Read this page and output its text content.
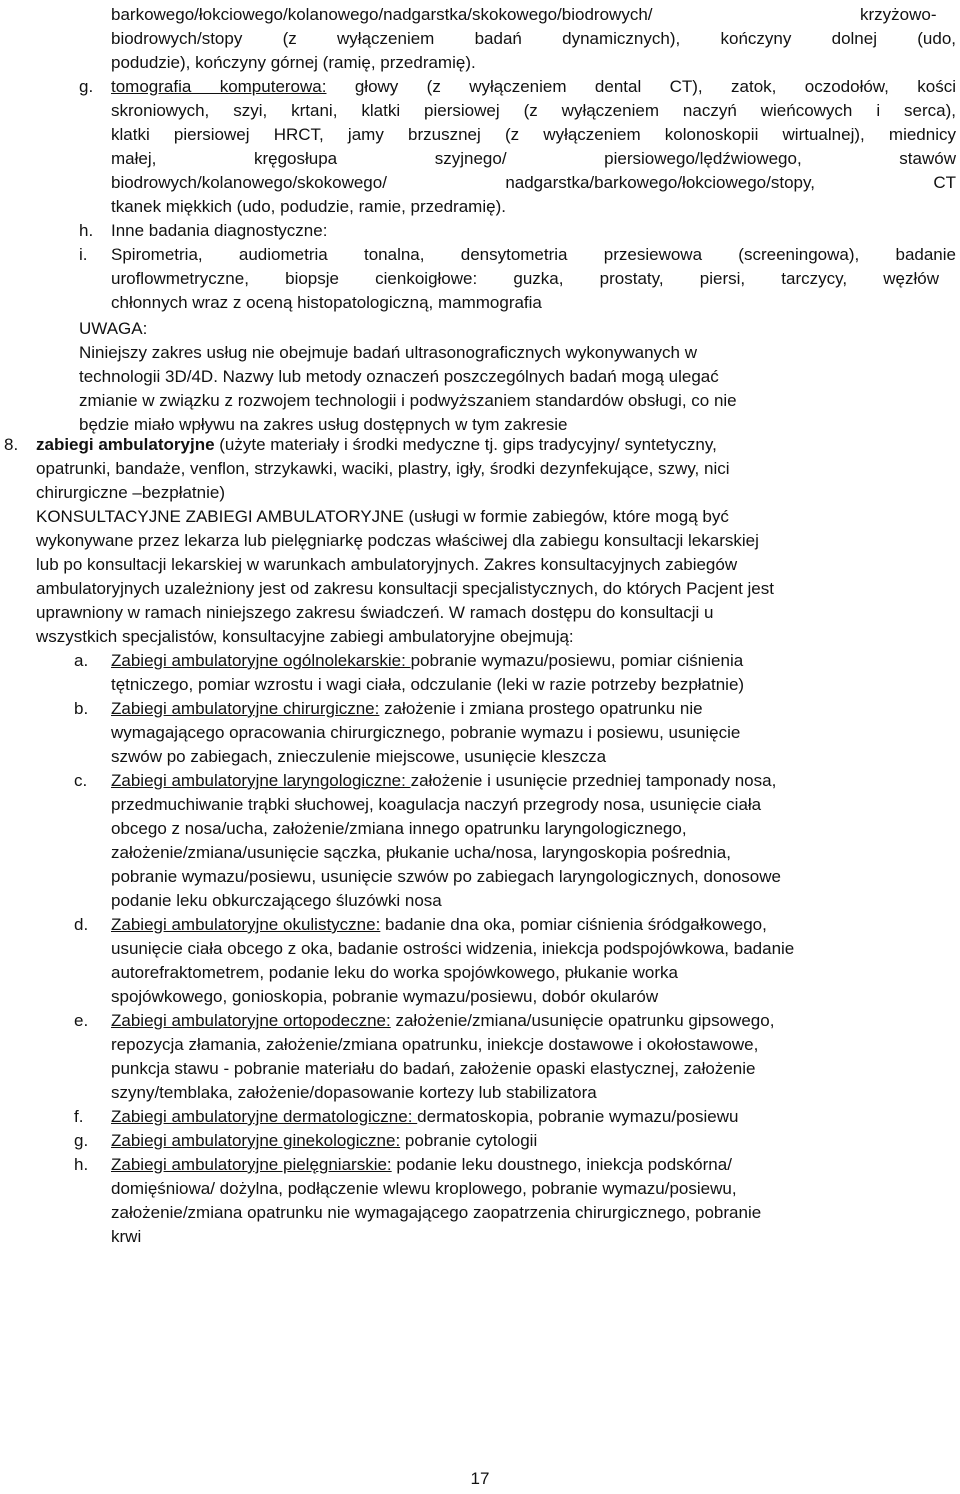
barkowego/łokciowego/kolanowego/nadgarstka/skokowego/biodrowych/	krzyżowo-
biodrowych/stopy (z wyłączeniem badań dynamicznych), kończyny dolnej (udo,
podudzie), kończyny górnej (ramię, przedramię).
g. tomografia komputerowa: głowy (z wyłączeniem dental CT), zatok, oczodołów, kości
skroniowych, szyi, krtani, klatki piersiowej (z wyłączeniem naczyń wieńcowych i serca),
klatki piersiowej HRCT, jamy brzusznej (z wyłączeniem kolonoskopii wirtualnej), miednicy
małej, kręgosłupa szyjnego/ piersiowego/lędźwiowego, stawów
biodrowych/kolanowego/skokowego/ nadgarstka/barkowego/łokciowego/stopy, CT
tkanek miękkich (udo, podudzie, ramie, przedramię).
h. Inne badania diagnostyczne:
i. Spirometria, audiometria tonalna, densytometria przesiewowa (screeningowa), badanie
uroflowmetryczne, biopsje cienkoigłowe: guzka, prostaty, piersi, tarczycy, węzłów
chłonnych wraz z oceną histopatologiczną, mammografia
UWAGA:
Niniejszy zakres usług nie obejmuje badań ultrasonograficznych wykonywanych w
technologii 3D/4D. Nazwy lub metody oznaczeń poszczególnych badań mogą ulegać
zmianie w związku z rozwojem technologii i podwyższaniem standardów obsługi, co nie
będzie miało wpływu na zakres usług dostępnych w tym zakresie
8. zabiegi ambulatoryjne (użyte materiały i środki medyczne tj. gips tradycyjny/ syntetyczny,
opatrunki, bandaże, venflon, strzykawki, waciki, plastry, igły, środki dezynfekujące, szwy, nici
chirurgiczne –bezpłatnie)
KONSULTACYJNE ZABIEGI AMBULATORYJNE (usługi w formie zabiegów, które mogą być
wykonywane przez lekarza lub pielęgniarkę podczas właściwej dla zabiegu konsultacji lekarskiej
lub po konsultacji lekarskiej w warunkach ambulatoryjnych. Zakres konsultacyjnych zabiegów
ambulatoryjnych uzależniony jest od zakresu konsultacji specjalistycznych, do których Pacjent jest
uprawniony w ramach niniejszego zakresu świadczeń. W ramach dostępu do konsultacji u
wszystkich specjalistów, konsultacyjne zabiegi ambulatoryjne obejmują:
a. Zabiegi ambulatoryjne ogólnolekarskie: pobranie wymazu/posiewu, pomiar ciśnienia
tętniczego, pomiar wzrostu i wagi ciała, odczulanie (leki w razie potrzeby bezpłatnie)
b. Zabiegi ambulatoryjne chirurgiczne: założenie i zmiana prostego opatrunku nie
wymagającego opracowania chirurgicznego, pobranie wymazu i posiewu, usunięcie
szwów po zabiegach, znieczulenie miejscowe, usunięcie kleszcza
c. Zabiegi ambulatoryjne laryngologiczne: założenie i usunięcie przedniej tamponady nosa,
przedmuchiwanie trąbki słuchowej, koagulacja naczyń przegrody nosa, usunięcie ciała
obcego z nosa/ucha, założenie/zmiana innego opatrunku laryngologicznego,
założenie/zmiana/usunięcie sączka, płukanie ucha/nosa, laryngoskopia pośrednia,
pobranie wymazu/posiewu, usunięcie szwów po zabiegach laryngologicznych, donosowe
podanie leku obkurczającego śluzówki nosa
d. Zabiegi ambulatoryjne okulistyczne: badanie dna oka, pomiar ciśnienia śródgałkowego,
usunięcie ciała obcego z oka, badanie ostrości widzenia, iniekcja podspojówkowa, badanie
autorefraktometrem, podanie leku do worka spojówkowego, płukanie worka
spojówkowego, gonioskopia, pobranie wymazu/posiewu, dobór okularów
e. Zabiegi ambulatoryjne ortopodeczne: założenie/zmiana/usunięcie opatrunku gipsowego,
repozycja złamania, założenie/zmiana opatrunku, iniekcje dostawowe i okołostawowe,
punkcja stawu - pobranie materiału do badań, założenie opaski elastycznej, założenie
szyny/temblaka, założenie/dopasowanie kortezy lub stabilizatora
f. Zabiegi ambulatoryjne dermatologiczne: dermatoskopia, pobranie wymazu/posiewu
g. Zabiegi ambulatoryjne ginekologiczne: pobranie cytologii
h. Zabiegi ambulatoryjne pielęgniarskie: podanie leku doustnego, iniekcja podskórna/
domięśniowa/ dożylna, podłączenie wlewu kroplowego, pobranie wymazu/posiewu,
założenie/zmiana opatrunku nie wymagającego zaopatrzenia chirurgicznego, pobranie
krwi
17
